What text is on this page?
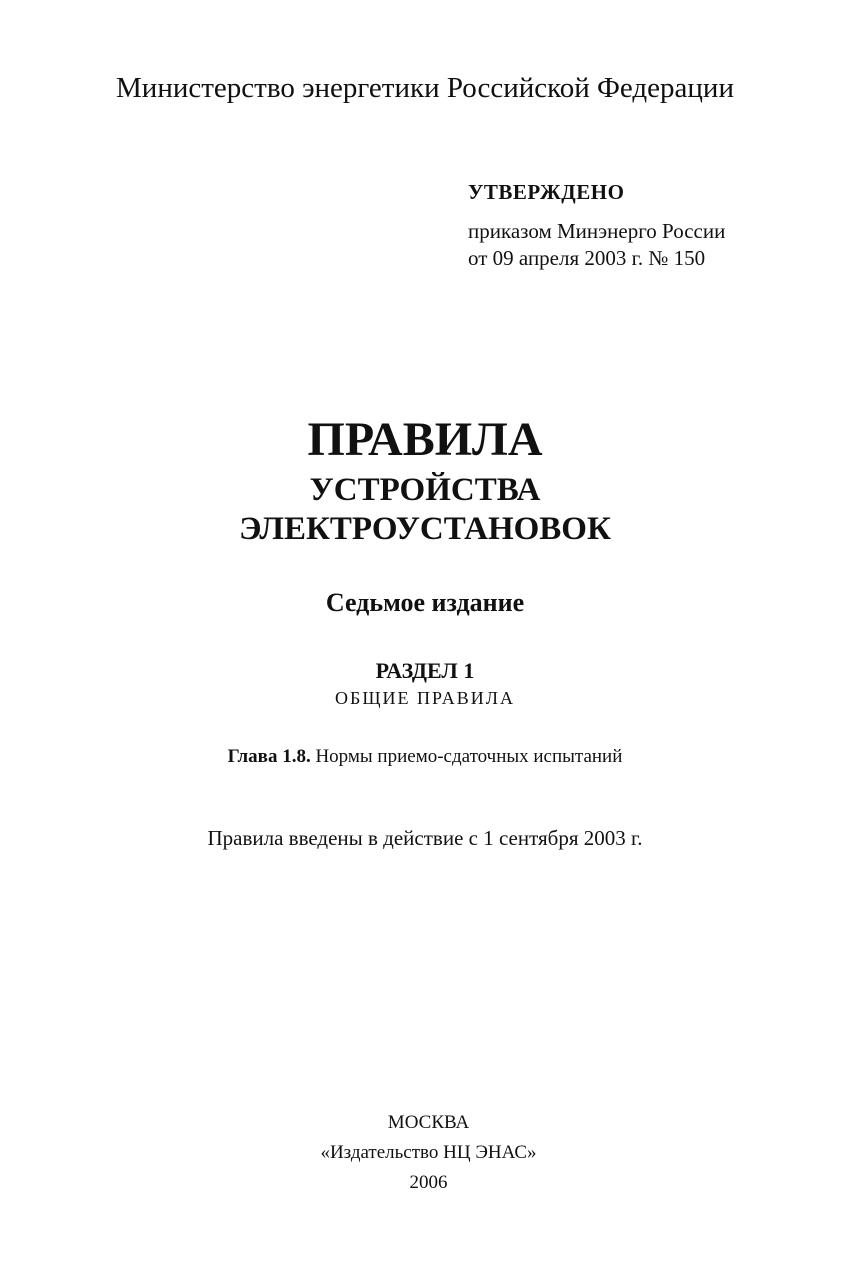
Министерство энергетики Российской Федерации
УТВЕРЖДЕНО
приказом Минэнерго России
от 09 апреля 2003 г. № 150
ПРАВИЛА
УСТРОЙСТВА
ЭЛЕКТРОУСТАНОВОК
Седьмое издание
РАЗДЕЛ 1
ОБЩИЕ ПРАВИЛА
Глава 1.8. Нормы приемо-сдаточных испытаний
Правила введены в действие с 1 сентября 2003 г.
МОСКВА
«Издательство НЦ ЭНАС»
2006
